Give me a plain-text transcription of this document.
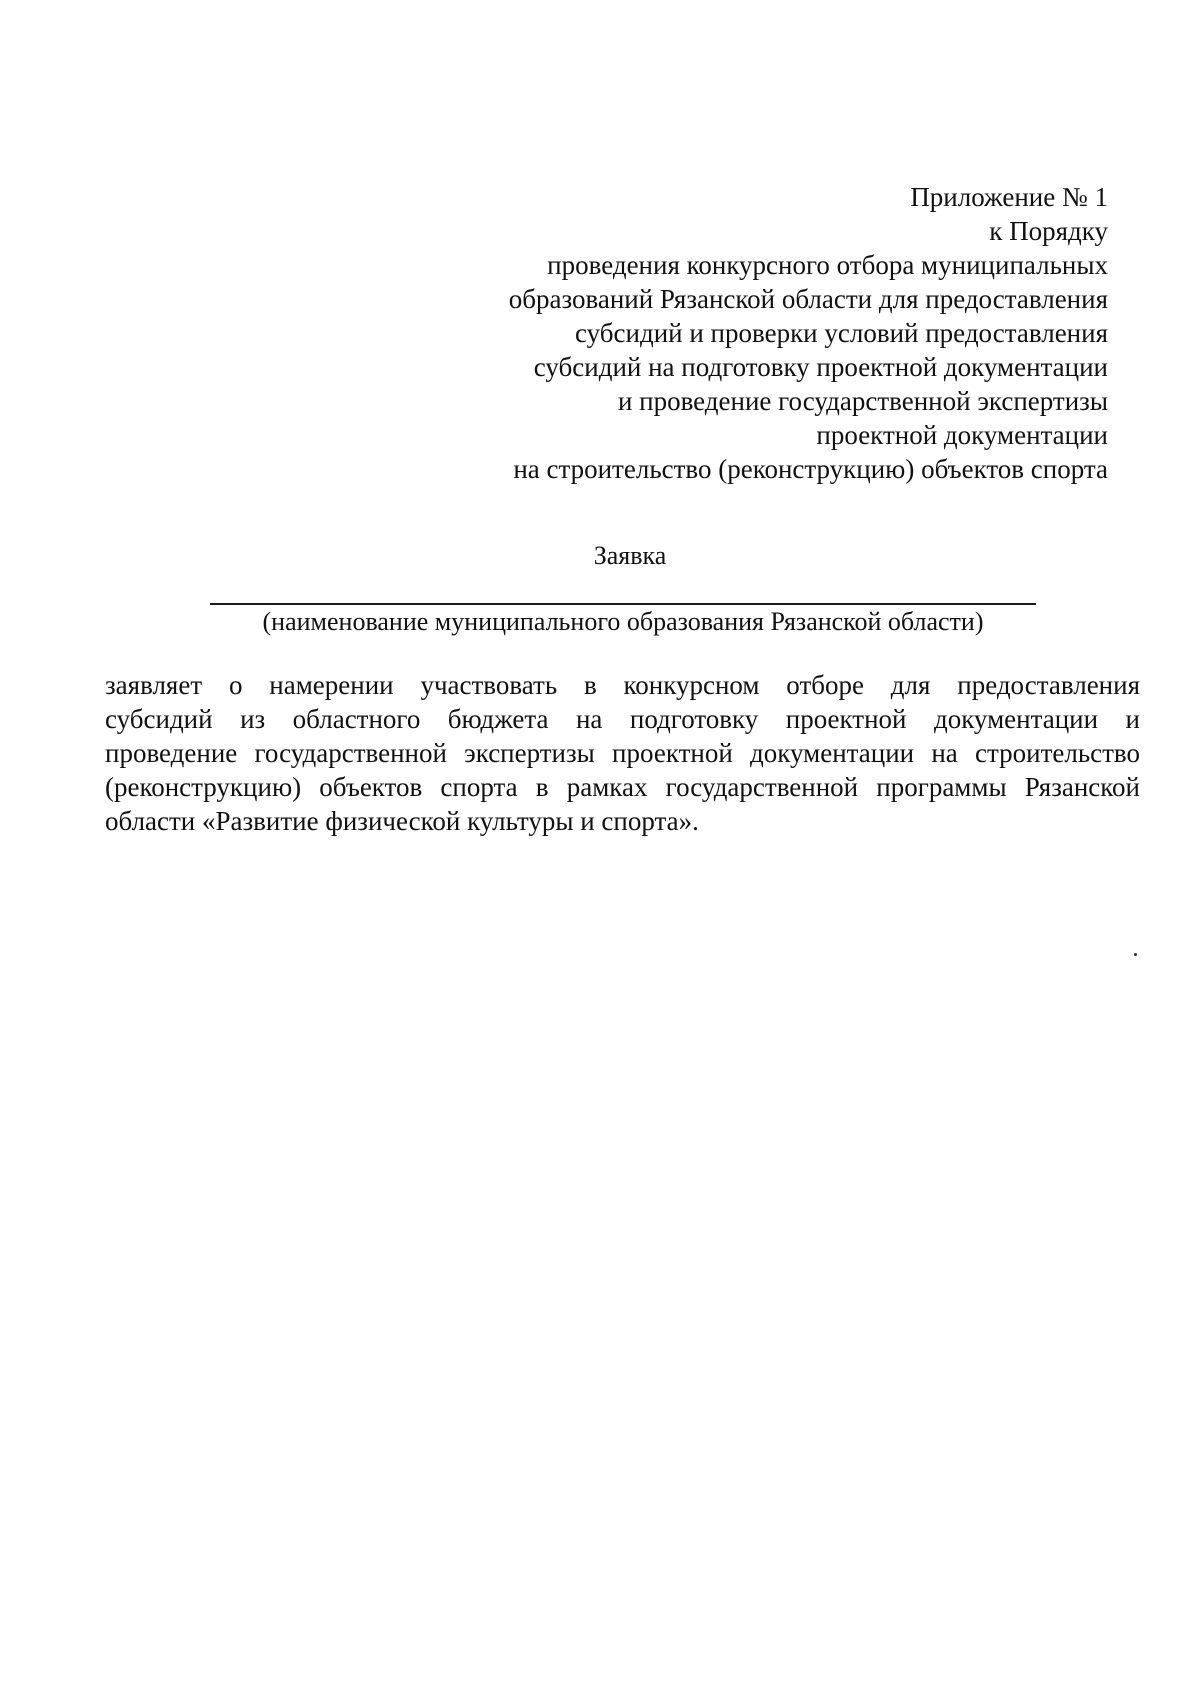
Приложение № 1
к Порядку
проведения конкурсного отбора муниципальных
образований Рязанской области для предоставления
субсидий и проверки условий предоставления
субсидий на подготовку проектной документации
и проведение государственной экспертизы
проектной документации
на строительство (реконструкцию) объектов спорта
Заявка
(наименование муниципального образования Рязанской области)
заявляет о намерении участвовать в конкурсном отборе для предоставления
субсидий из областного бюджета на подготовку проектной документации и
проведение государственной экспертизы проектной документации на строительство
(реконструкцию) объектов спорта в рамках государственной программы Рязанской
области «Развитие физической культуры и спорта».
